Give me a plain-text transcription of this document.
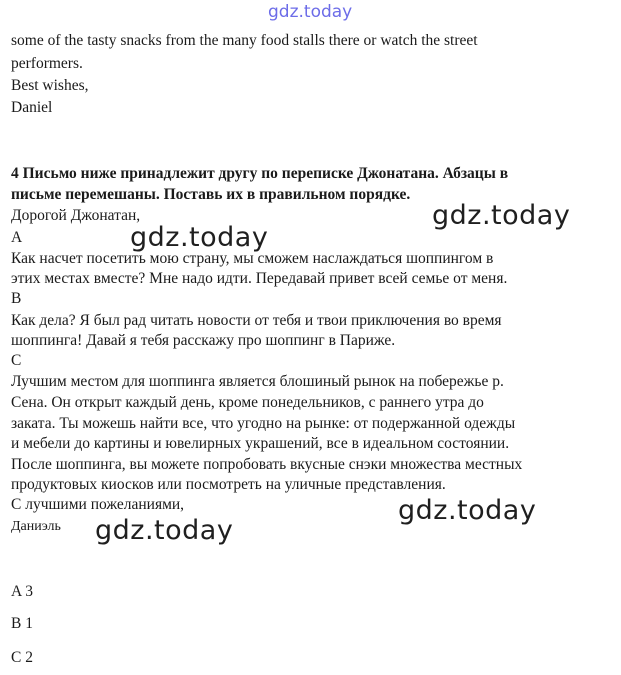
gdz.today
some of the tasty snacks from the many food stalls there or watch the street
performers.
Best wishes,
Daniel
4 Письмо ниже принадлежит другу по переписке Джонатана. Абзацы в
письме перемешаны. Поставь их в правильном порядке.
Дорогой Джонатан,
A
Как насчет посетить мою страну, мы сможем наслаждаться шоппингом в
этих местах вместе? Мне надо идти. Передавай привет всей семье от меня.
B
Как дела? Я был рад читать новости от тебя и твои приключения во время
шоппинга! Давай я тебя расскажу про шоппинг в Париже.
C
Лучшим местом для шоппинга является блошиный рынок на побережье р.
Сена. Он открыт каждый день, кроме понедельников, с раннего утра до
заката. Ты можешь найти все, что угодно на рынке: от подержанной одежды
и мебели до картины и ювелирных украшений, все в идеальном состоянии.
После шоппинга, вы можете попробовать вкусные снэки множества местных
продуктовых киосков или посмотреть на уличные представления.
С лучшими пожеланиями,
Даниэль
A 3
B 1
C 2
gdz.today
gdz.today
gdz.today
gdz.today
